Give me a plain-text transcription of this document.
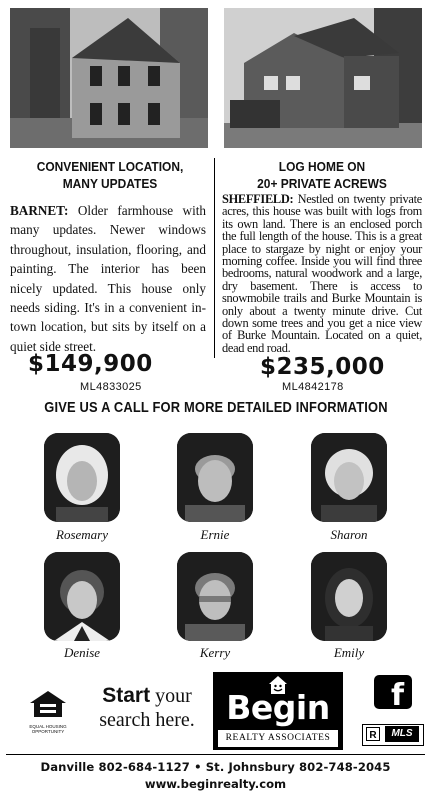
CONVENIENT LOCATION,
MANY UPDATES
BARNET: Older farmhouse with many updates. Newer windows throughout, insulation, flooring, and painting. The interior has been nicely updated. This house only needs siding. It's in a convenient in-town location, but sits by itself on a quiet side street.
$149,900
ML4833025
LOG HOME ON
20+ PRIVATE ACREWS
SHEFFIELD: Nestled on twenty private acres, this house was built with logs from its own land. There is an enclosed porch the full length of the house. This is a great place to stargaze by night or enjoy your morning coffee. Inside you will find three bedrooms, natural woodwork and a large, dry basement. There is access to snowmobile trails and Burke Mountain is only about a twenty minute drive. Cut down some trees and you get a nice view of Burke Mountain. Located on a quiet, dead end road.
$235,000
ML4842178
GIVE US A CALL FOR MORE DETAILED INFORMATION
Rosemary	Ernie	Sharon
Denise	Kerry	Emily
EQUAL HOUSING
OPPORTUNITY
Start your
search here. Begin
REALTY ASSOCIATES
f
R	MLS
Danville 802-684-1127 • St. Johnsbury 802-748-2045
www.beginrealty.com
